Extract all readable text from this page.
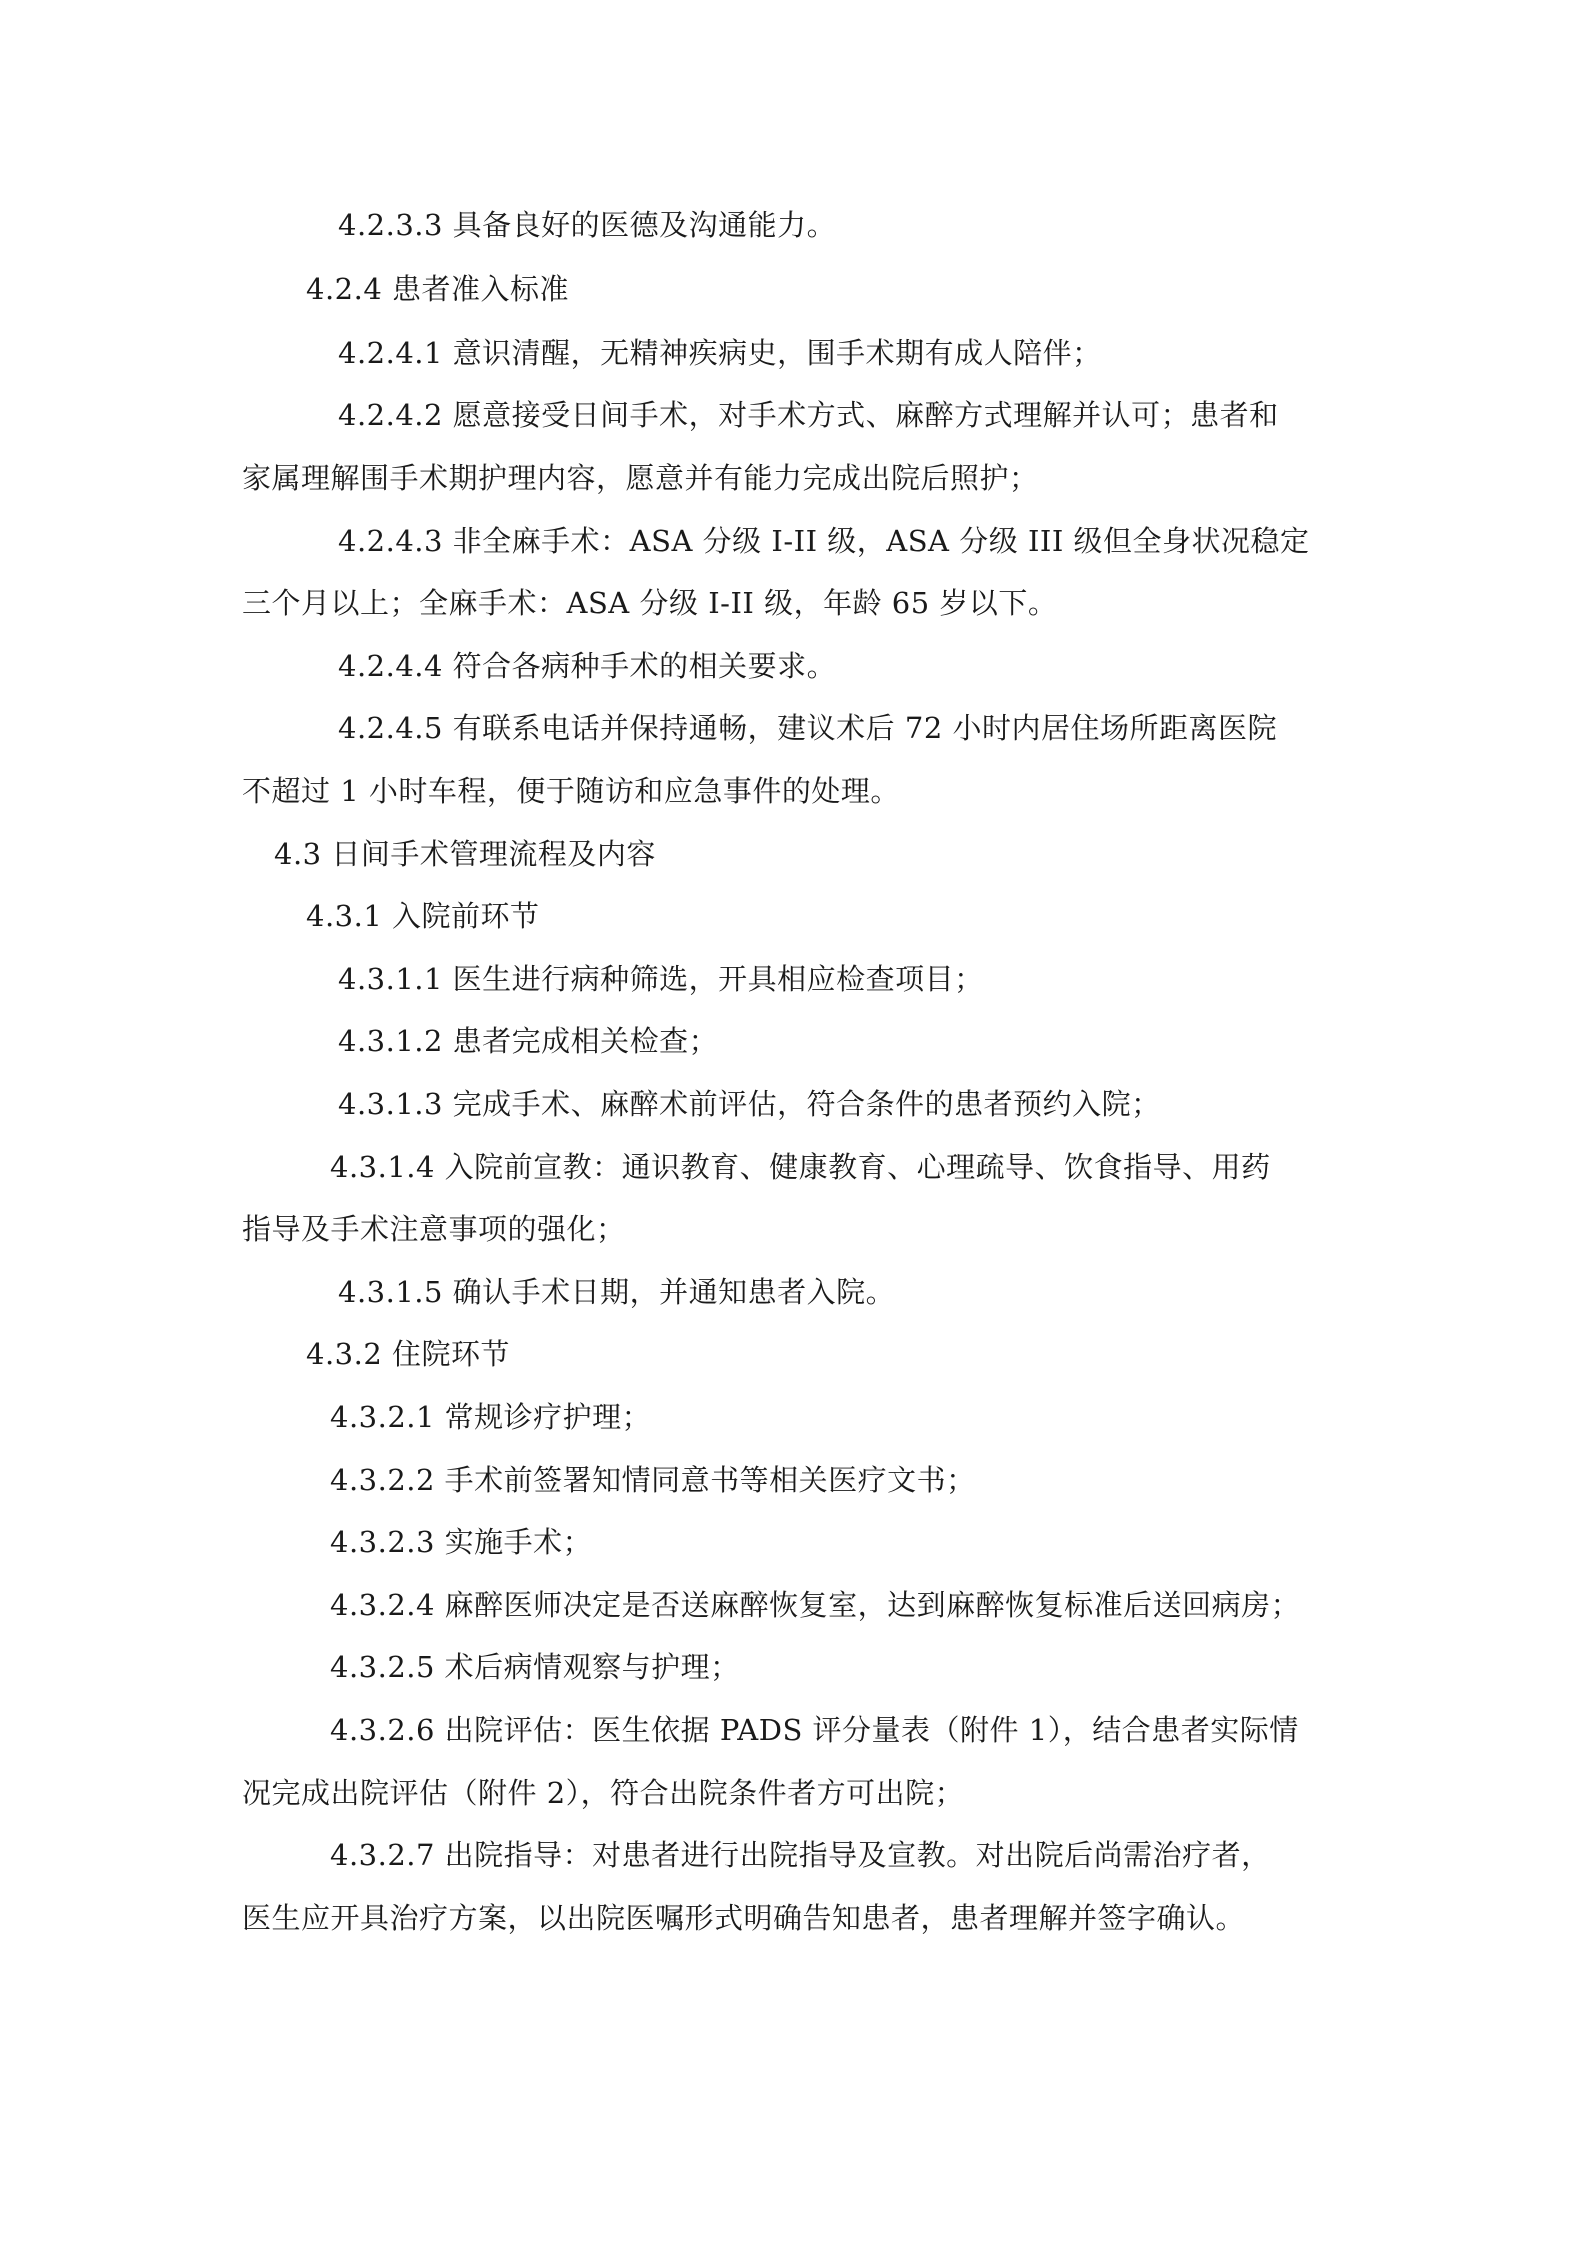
4.2.3.3 具备良好的医德及沟通能力。
4.2.4 患者准入标准
4.2.4.1 意识清醒，无精神疾病史，围手术期有成人陪伴；
4.2.4.2 愿意接受日间手术，对手术方式、麻醉方式理解并认可；患者和
家属理解围手术期护理内容，愿意并有能力完成出院后照护；
4.2.4.3 非全麻手术：ASA 分级 I-II 级，ASA 分级 III 级但全身状况稳定
三个月以上；全麻手术：ASA 分级 I-II 级，年龄 65 岁以下。
4.2.4.4 符合各病种手术的相关要求。
4.2.4.5 有联系电话并保持通畅，建议术后 72 小时内居住场所距离医院
不超过 1 小时车程，便于随访和应急事件的处理。
4.3 日间手术管理流程及内容
4.3.1 入院前环节
4.3.1.1 医生进行病种筛选，开具相应检查项目；
4.3.1.2 患者完成相关检查；
4.3.1.3 完成手术、麻醉术前评估，符合条件的患者预约入院；
4.3.1.4 入院前宣教：通识教育、健康教育、心理疏导、饮食指导、用药
指导及手术注意事项的强化；
4.3.1.5 确认手术日期，并通知患者入院。
4.3.2 住院环节
4.3.2.1 常规诊疗护理；
4.3.2.2 手术前签署知情同意书等相关医疗文书；
4.3.2.3 实施手术；
4.3.2.4 麻醉医师决定是否送麻醉恢复室，达到麻醉恢复标准后送回病房；
4.3.2.5 术后病情观察与护理；
4.3.2.6 出院评估：医生依据 PADS 评分量表（附件 1），结合患者实际情
况完成出院评估（附件 2），符合出院条件者方可出院；
4.3.2.7 出院指导：对患者进行出院指导及宣教。对出院后尚需治疗者，
医生应开具治疗方案，以出院医嘱形式明确告知患者，患者理解并签字确认。
